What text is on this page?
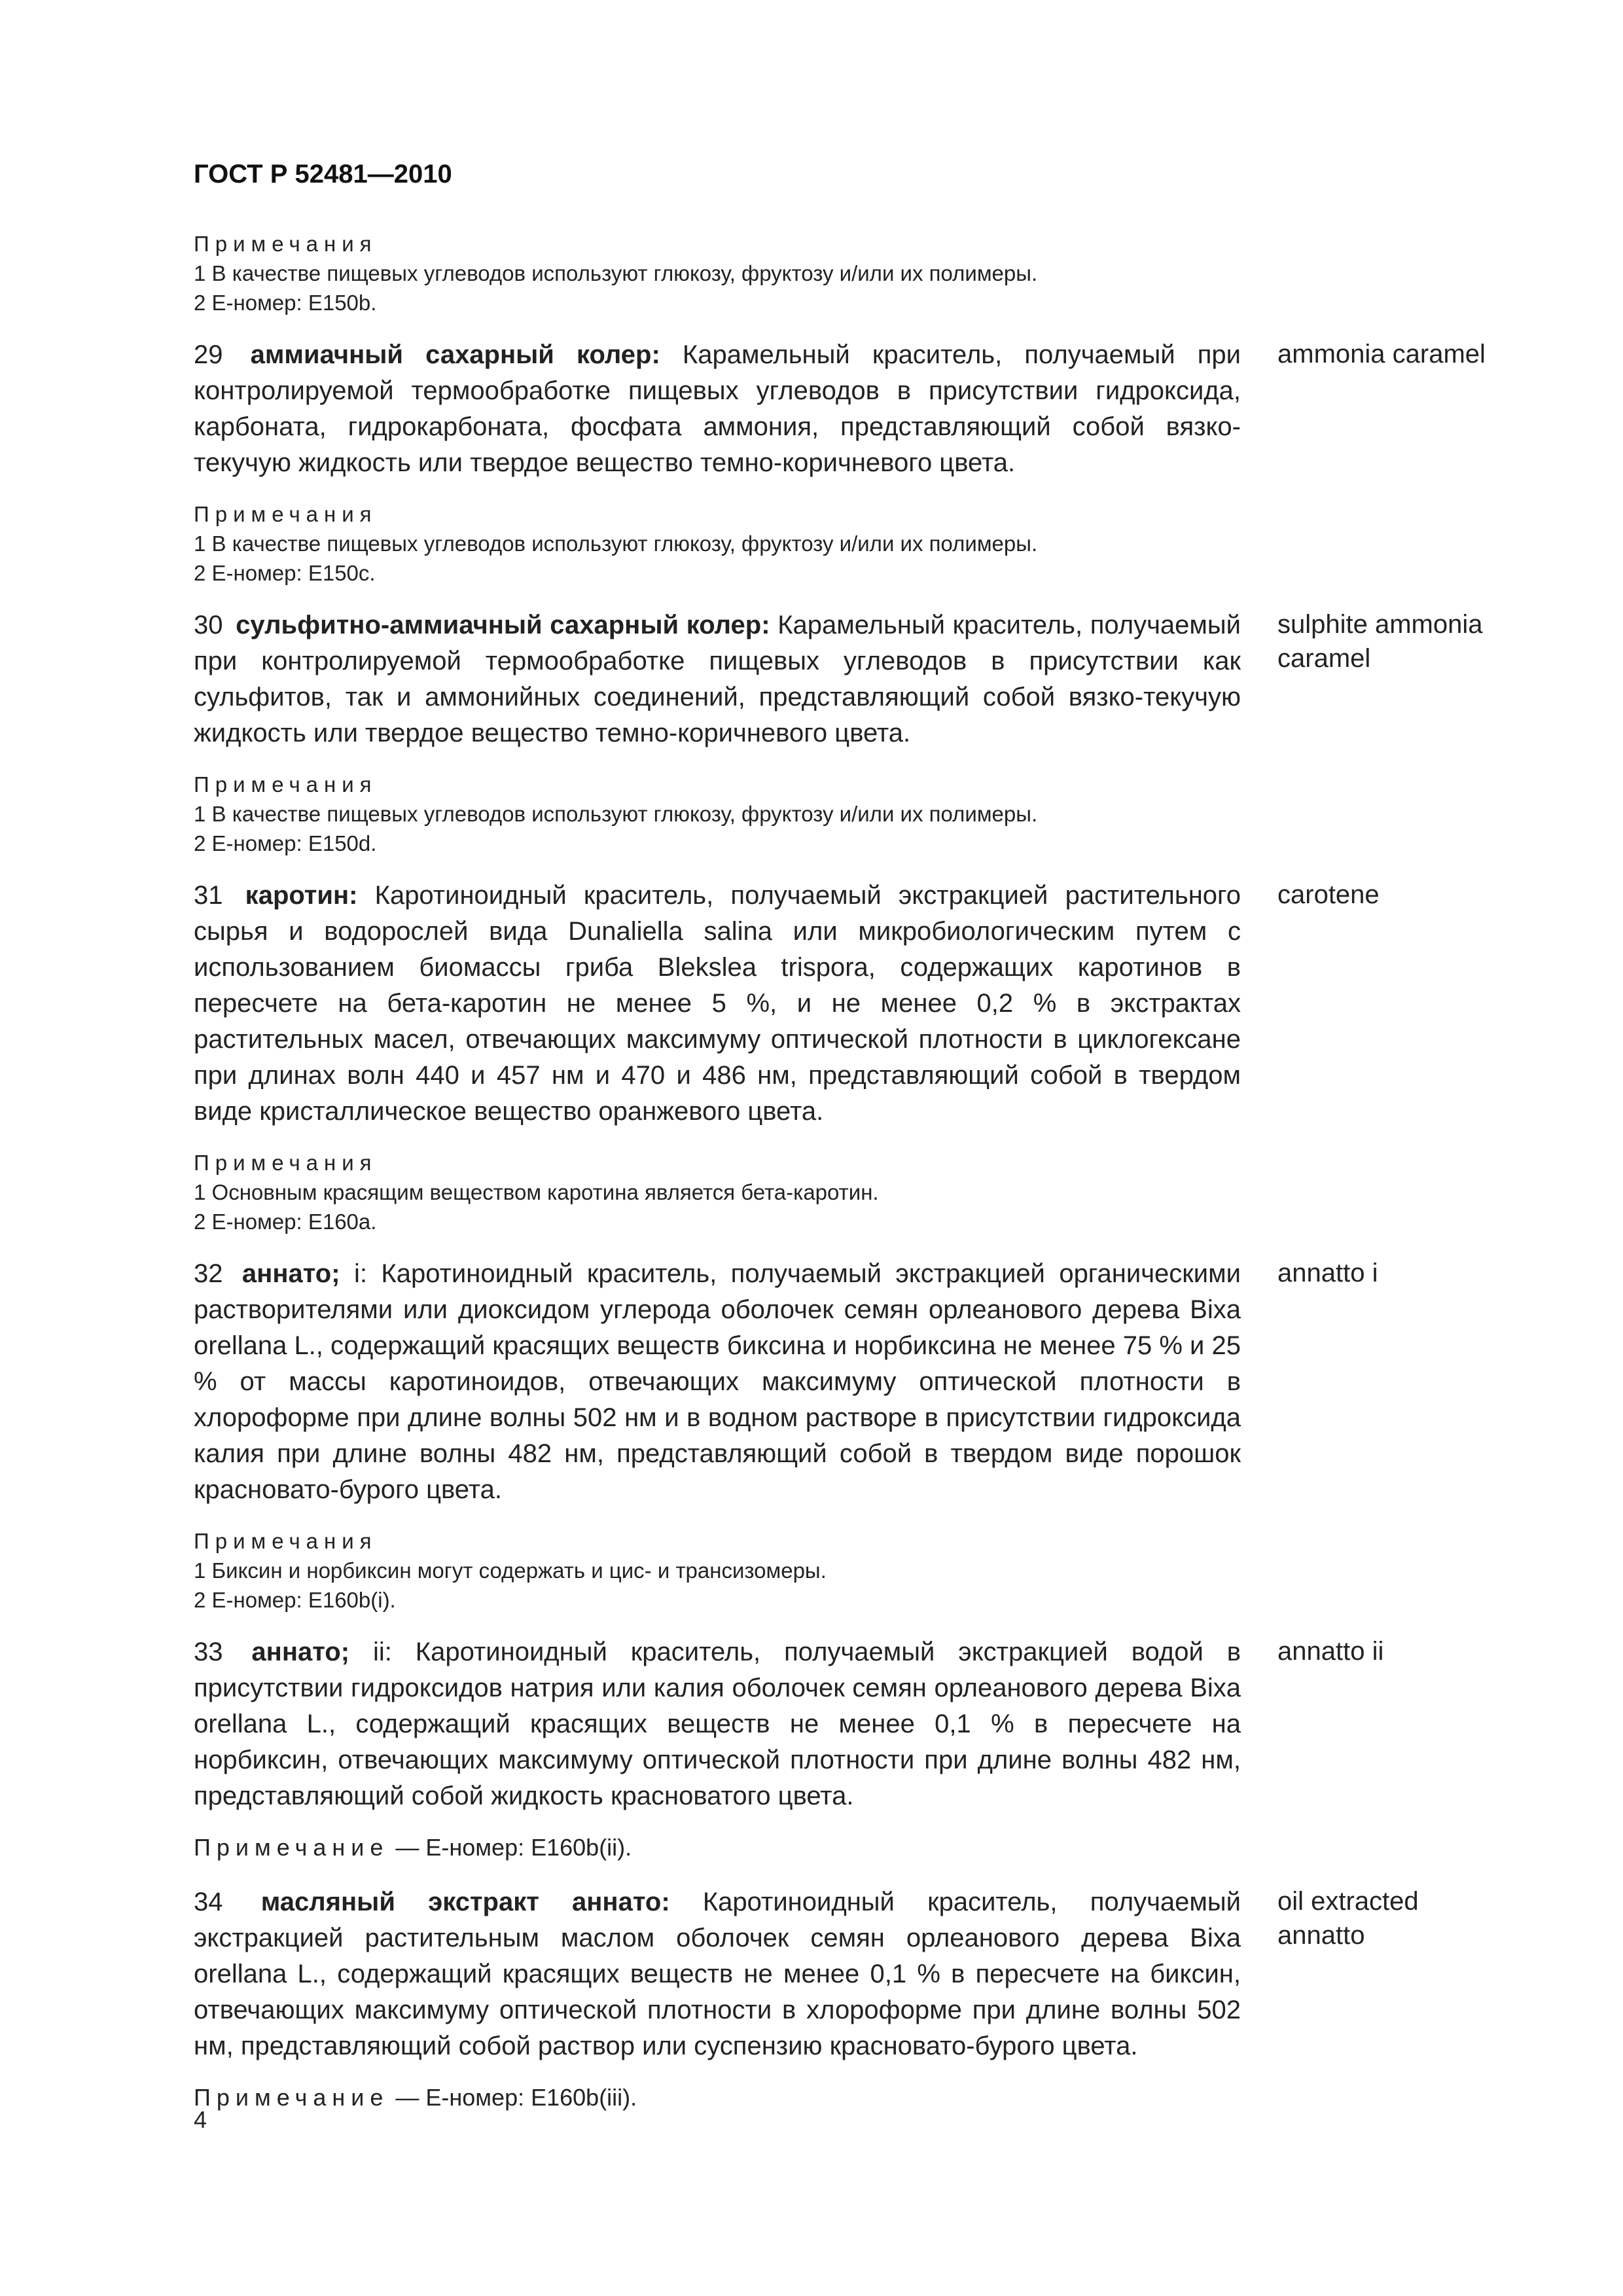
ГОСТ Р 52481—2010
Примечания
1 В качестве пищевых углеводов используют глюкозу, фруктозу и/или их полимеры.
2 Е-номер: Е150b.
29 аммиачный сахарный колер: Карамельный краситель, получаемый при контролируемой термообработке пищевых углеводов в присутствии гидроксида, карбоната, гидрокарбоната, фосфата аммония, представляющий собой вязко-текучую жидкость или твердое вещество темно-коричневого цвета.
ammonia caramel
Примечания
1 В качестве пищевых углеводов используют глюкозу, фруктозу и/или их полимеры.
2 Е-номер: Е150c.
30 сульфитно-аммиачный сахарный колер: Карамельный краситель, получаемый при контролируемой термообработке пищевых углеводов в присутствии как сульфитов, так и аммонийных соединений, представляющий собой вязко-текучую жидкость или твердое вещество темно-коричневого цвета.
sulphite ammonia caramel
Примечания
1 В качестве пищевых углеводов используют глюкозу, фруктозу и/или их полимеры.
2 Е-номер: Е150d.
31 каротин: Каротиноидный краситель, получаемый экстракцией растительного сырья и водорослей вида Dunaliella salina или микробиологическим путем с использованием биомассы гриба Blekslea trispora, содержащих каротинов в пересчете на бета-каротин не менее 5 %, и не менее 0,2 % в экстрактах растительных масел, отвечающих максимуму оптической плотности в циклогексане при длинах волн 440 и 457 нм и 470 и 486 нм, представляющий собой в твердом виде кристаллическое вещество оранжевого цвета.
carotene
Примечания
1 Основным красящим веществом каротина является бета-каротин.
2 Е-номер: Е160a.
32 аннато; i: Каротиноидный краситель, получаемый экстракцией органическими растворителями или диоксидом углерода оболочек семян орлеанового дерева Bixa orellana L., содержащий красящих веществ биксина и норбиксина не менее 75 % и 25 % от массы каротиноидов, отвечающих максимуму оптической плотности в хлороформе при длине волны 502 нм и в водном растворе в присутствии гидроксида калия при длине волны 482 нм, представляющий собой в твердом виде порошок красновато-бурого цвета.
annatto i
Примечания
1 Биксин и норбиксин могут содержать и цис- и трансизомеры.
2 Е-номер: Е160b(i).
33 аннато; ii: Каротиноидный краситель, получаемый экстракцией водой в присутствии гидроксидов натрия или калия оболочек семян орлеанового дерева Bixa orellana L., содержащий красящих веществ не менее 0,1 % в пересчете на норбиксин, отвечающих максимуму оптической плотности при длине волны 482 нм, представляющий собой жидкость красноватого цвета.
annatto ii
Примечание — Е-номер: Е160b(ii).
34 масляный экстракт аннато: Каротиноидный краситель, получаемый экстракцией растительным маслом оболочек семян орлеанового дерева Bixa orellana L., содержащий красящих веществ не менее 0,1 % в пересчете на биксин, отвечающих максимуму оптической плотности в хлороформе при длине волны 502 нм, представляющий собой раствор или суспензию красновато-бурого цвета.
oil extracted annatto
Примечание — Е-номер: Е160b(iii).
4
